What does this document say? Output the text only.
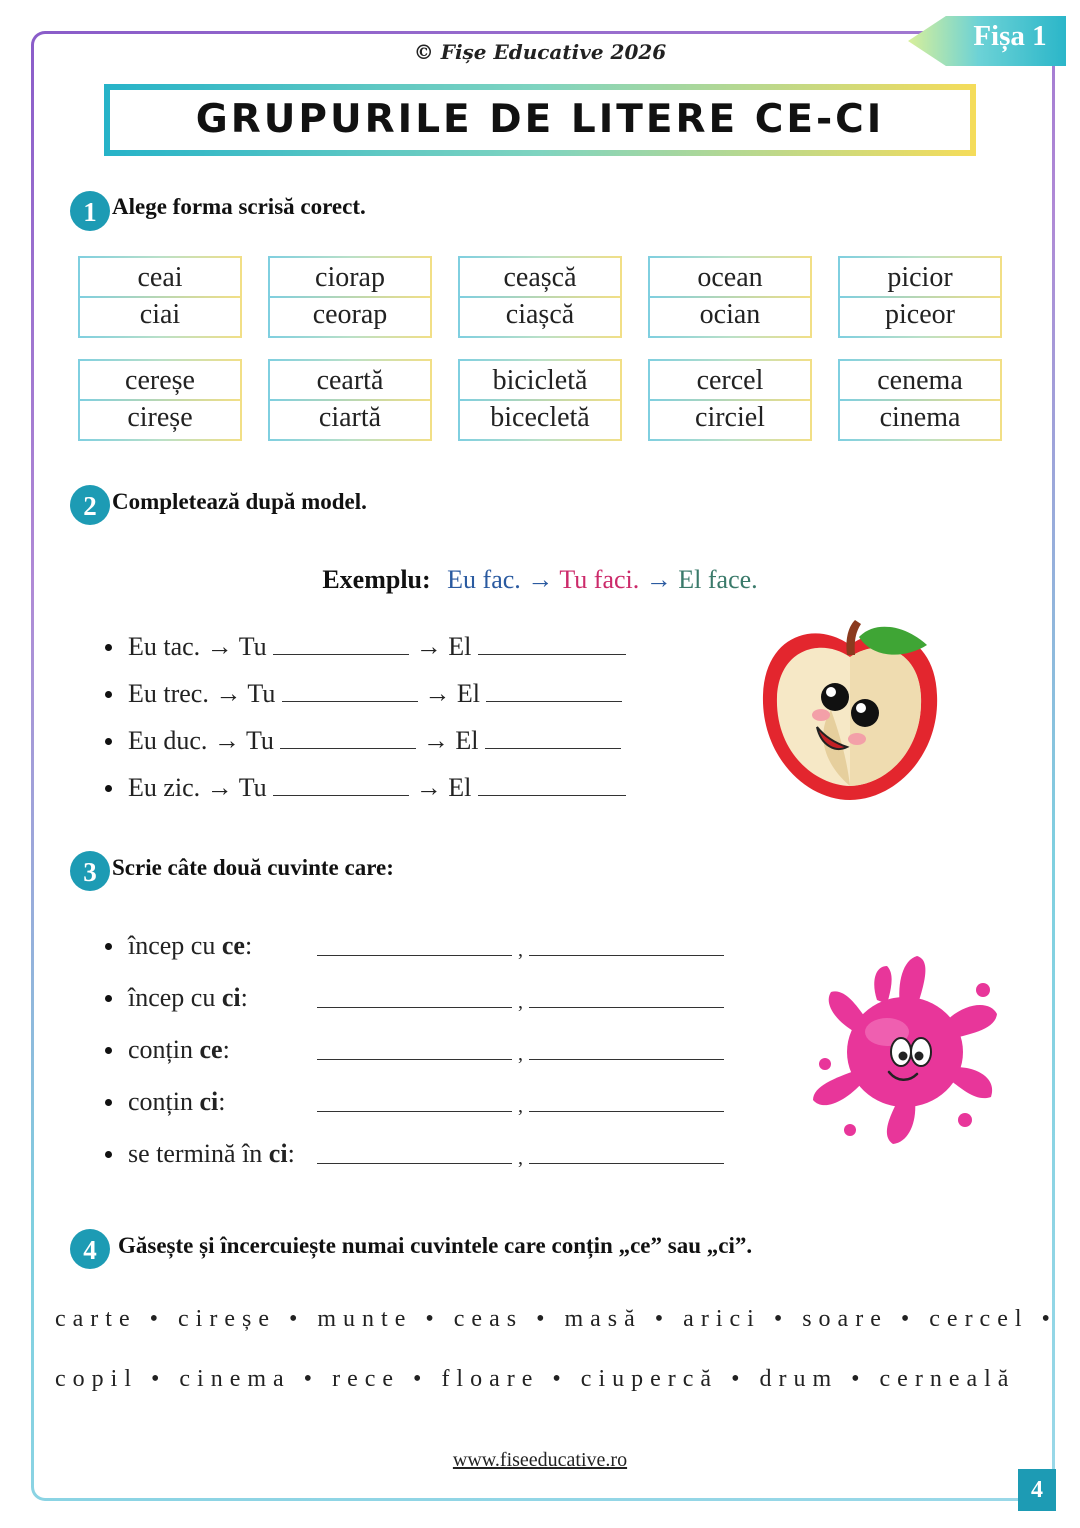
Fișa 1
© Fișe Educative 2026
GRUPURILE DE LITERE CE-CI
1 Alege forma scrisă corect.
ceai
ciai
ciorap
ceorap
ceașcă
ciașcă
ocean
ocian
picior
piceor
cereșe
cireșe
ceartă
ciartă
bicicletă
bicecletă
cercel
circiel
cenema
cinema
2 Completează după model.
Exemplu: Eu fac. → Tu faci. → El face.
Eu tac. → Tu	→ El
Eu trec. → Tu	→ El
Eu duc. → Tu	→ El
Eu zic. → Tu	→ El
3 Scrie câte două cuvinte care:
încep cu ce:
încep cu ci:
conțin ce:
conțin ci:
se termină în ci:
,
,
,
,
,
4 Găsește și încercuiește numai cuvintele care conțin „ce” sau „ci”.
carte • cireșe • munte • ceas • masă • arici • soare • cercel •
copil • cinema • rece • floare • ciupercă • drum • cerneală
www.fiseeducative.ro
4
